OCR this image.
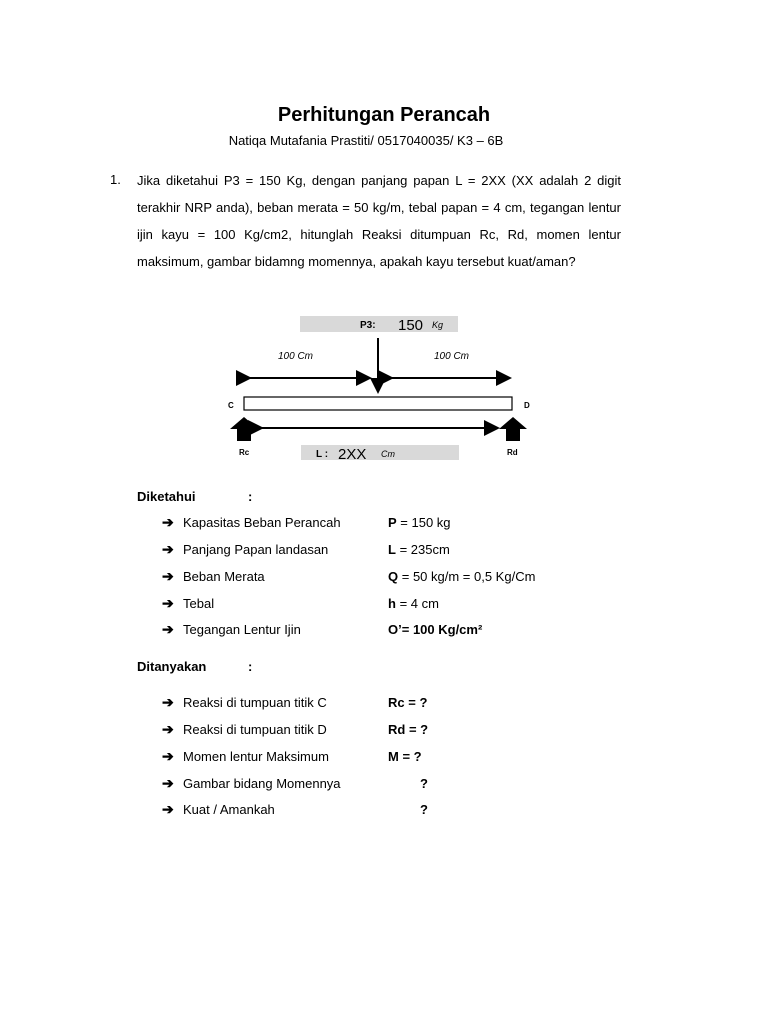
Perhitungan Perancah
Natiqa Mutafania Prastiti/ 0517040035/ K3 – 6B
1. Jika diketahui P3 = 150 Kg, dengan panjang papan L = 2XX (XX adalah 2 digit terakhir NRP anda), beban merata = 50 kg/m, tebal papan = 4 cm, tegangan lentur ijin kayu = 100 Kg/cm2, hitunglah Reaksi ditumpuan Rc, Rd, momen lentur maksimum, gambar bidamng momennya, apakah kayu tersebut kuat/aman?
P3: 150 Kg
100 Cm	100 Cm
C	D
Rc	Rd
L : 2XX Cm
Diketahui	:
➔ Kapasitas Beban Perancah	P = 150 kg
➔ Panjang Papan landasan	L = 235cm
➔ Beban Merata	Q = 50 kg/m = 0,5 Kg/Cm
➔ Tebal	h = 4 cm
➔ Tegangan Lentur Ijin	O’= 100 Kg/cm²
Ditanyakan	:
➔ Reaksi di tumpuan titik C	Rc = ?
➔ Reaksi di tumpuan titik D	Rd = ?
➔ Momen lentur Maksimum	M = ?
➔ Gambar bidang Momennya	?
➔ Kuat / Amankah	?
